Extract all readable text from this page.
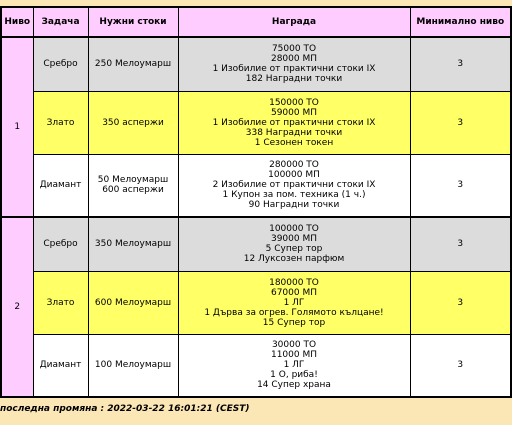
Ниво	Задача	Нужни стоки	Награда	Минимално ниво
1	Сребро	250 Мелоумарш	75000 ТО
28000 МП
1 Изобилие от практични стоки IX
182 Наградни точки	3
	Злато	350 аспержи	150000 ТО
59000 МП
1 Изобилие от практични стоки IX
338 Наградни точки
1 Сезонен токен	3
	Диамант	50 Мелоумарш
600 аспержи	280000 ТО
100000 МП
2 Изобилие от практични стоки IX
1 Купон за пом. техника (1 ч.)
90 Наградни точки	3
2	Сребро	350 Мелоумарш	100000 ТО
39000 МП
5 Супер тор
12 Луксозен парфюм	3
	Злато	600 Мелоумарш	180000 ТО
67000 МП
1 ЛГ
1 Дърва за огрев. Голямото кълцане!
15 Супер тор	3
	Диамант	100 Мелоумарш	30000 ТО
11000 МП
1 ЛГ
1 О, риба!
14 Супер храна	3
последна промяна : 2022-03-22 16:01:21 (CEST)
